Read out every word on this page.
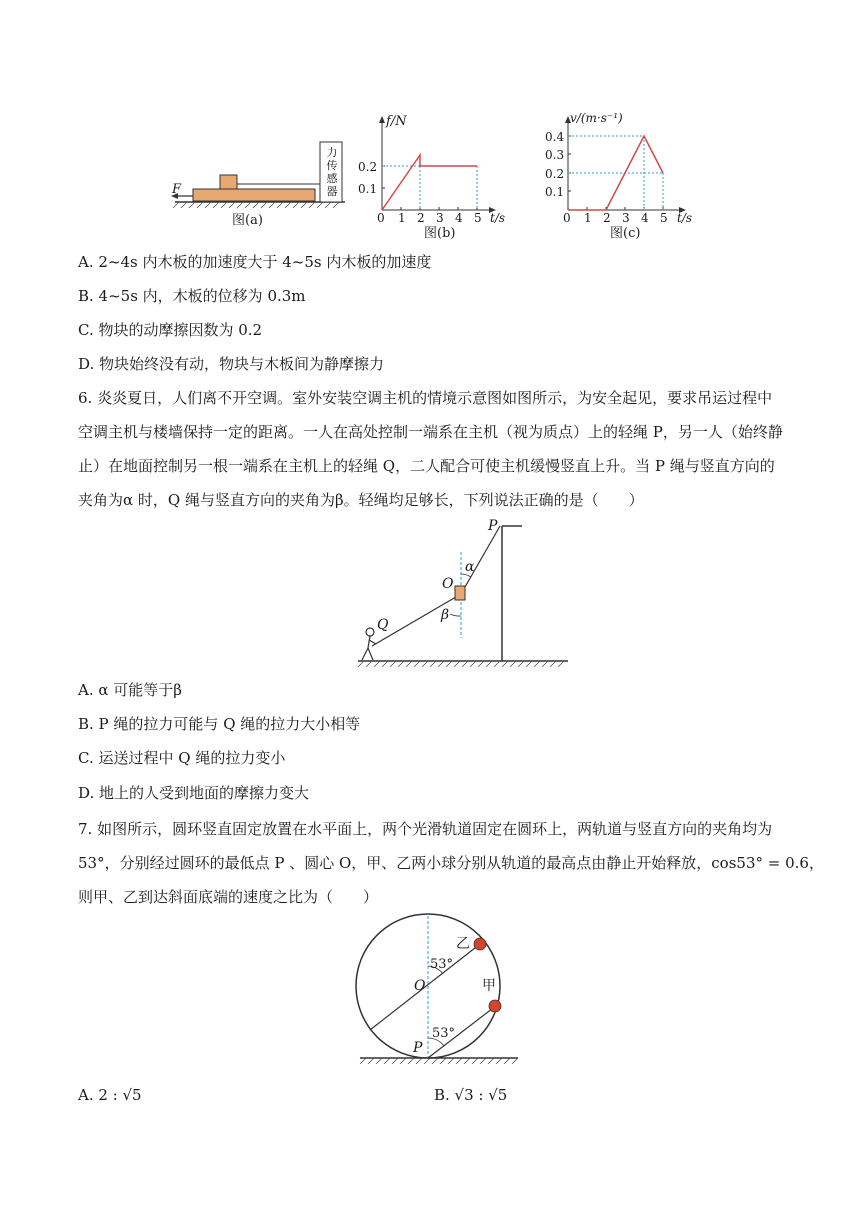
F
力
传
感
器
图(a)
f/N
0.2
0.1
0 1 2 3 4 5 t/s
图(b)
v/(m·s⁻¹)
0.4
0.3
0.2
0.1
0 1 2 3 4 5 t/s
图(c)
A. 2~4s 内木板的加速度大于 4~5s 内木板的加速度
B. 4~5s 内，木板的位移为 0.3m
C. 物块的动摩擦因数为 0.2
D. 物块始终没有动，物块与木板间为静摩擦力
6. 炎炎夏日，人们离不开空调。室外安装空调主机的情境示意图如图所示，为安全起见，要求吊运过程中
空调主机与楼墙保持一定的距离。一人在高处控制一端系在主机（视为质点）上的轻绳 P，另一人（始终静
止）在地面控制另一根一端系在主机上的轻绳 Q，二人配合可使主机缓慢竖直上升。当 P 绳与竖直方向的
夹角为α 时，Q 绳与竖直方向的夹角为β。轻绳均足够长，下列说法正确的是（　　）
P
α
O
β
Q
A. α 可能等于β
B. P 绳的拉力可能与 Q 绳的拉力大小相等
C. 运送过程中 Q 绳的拉力变小
D. 地上的人受到地面的摩擦力变大
7. 如图所示，圆环竖直固定放置在水平面上，两个光滑轨道固定在圆环上，两轨道与竖直方向的夹角均为
53°，分别经过圆环的最低点 P 、圆心 O，甲、乙两小球分别从轨道的最高点由静止开始释放，cos53° = 0.6，
则甲、乙到达斜面底端的速度之比为（　　）
乙
53°
O	甲
53°
P
A. 2 : √5	B. √3 : √5
